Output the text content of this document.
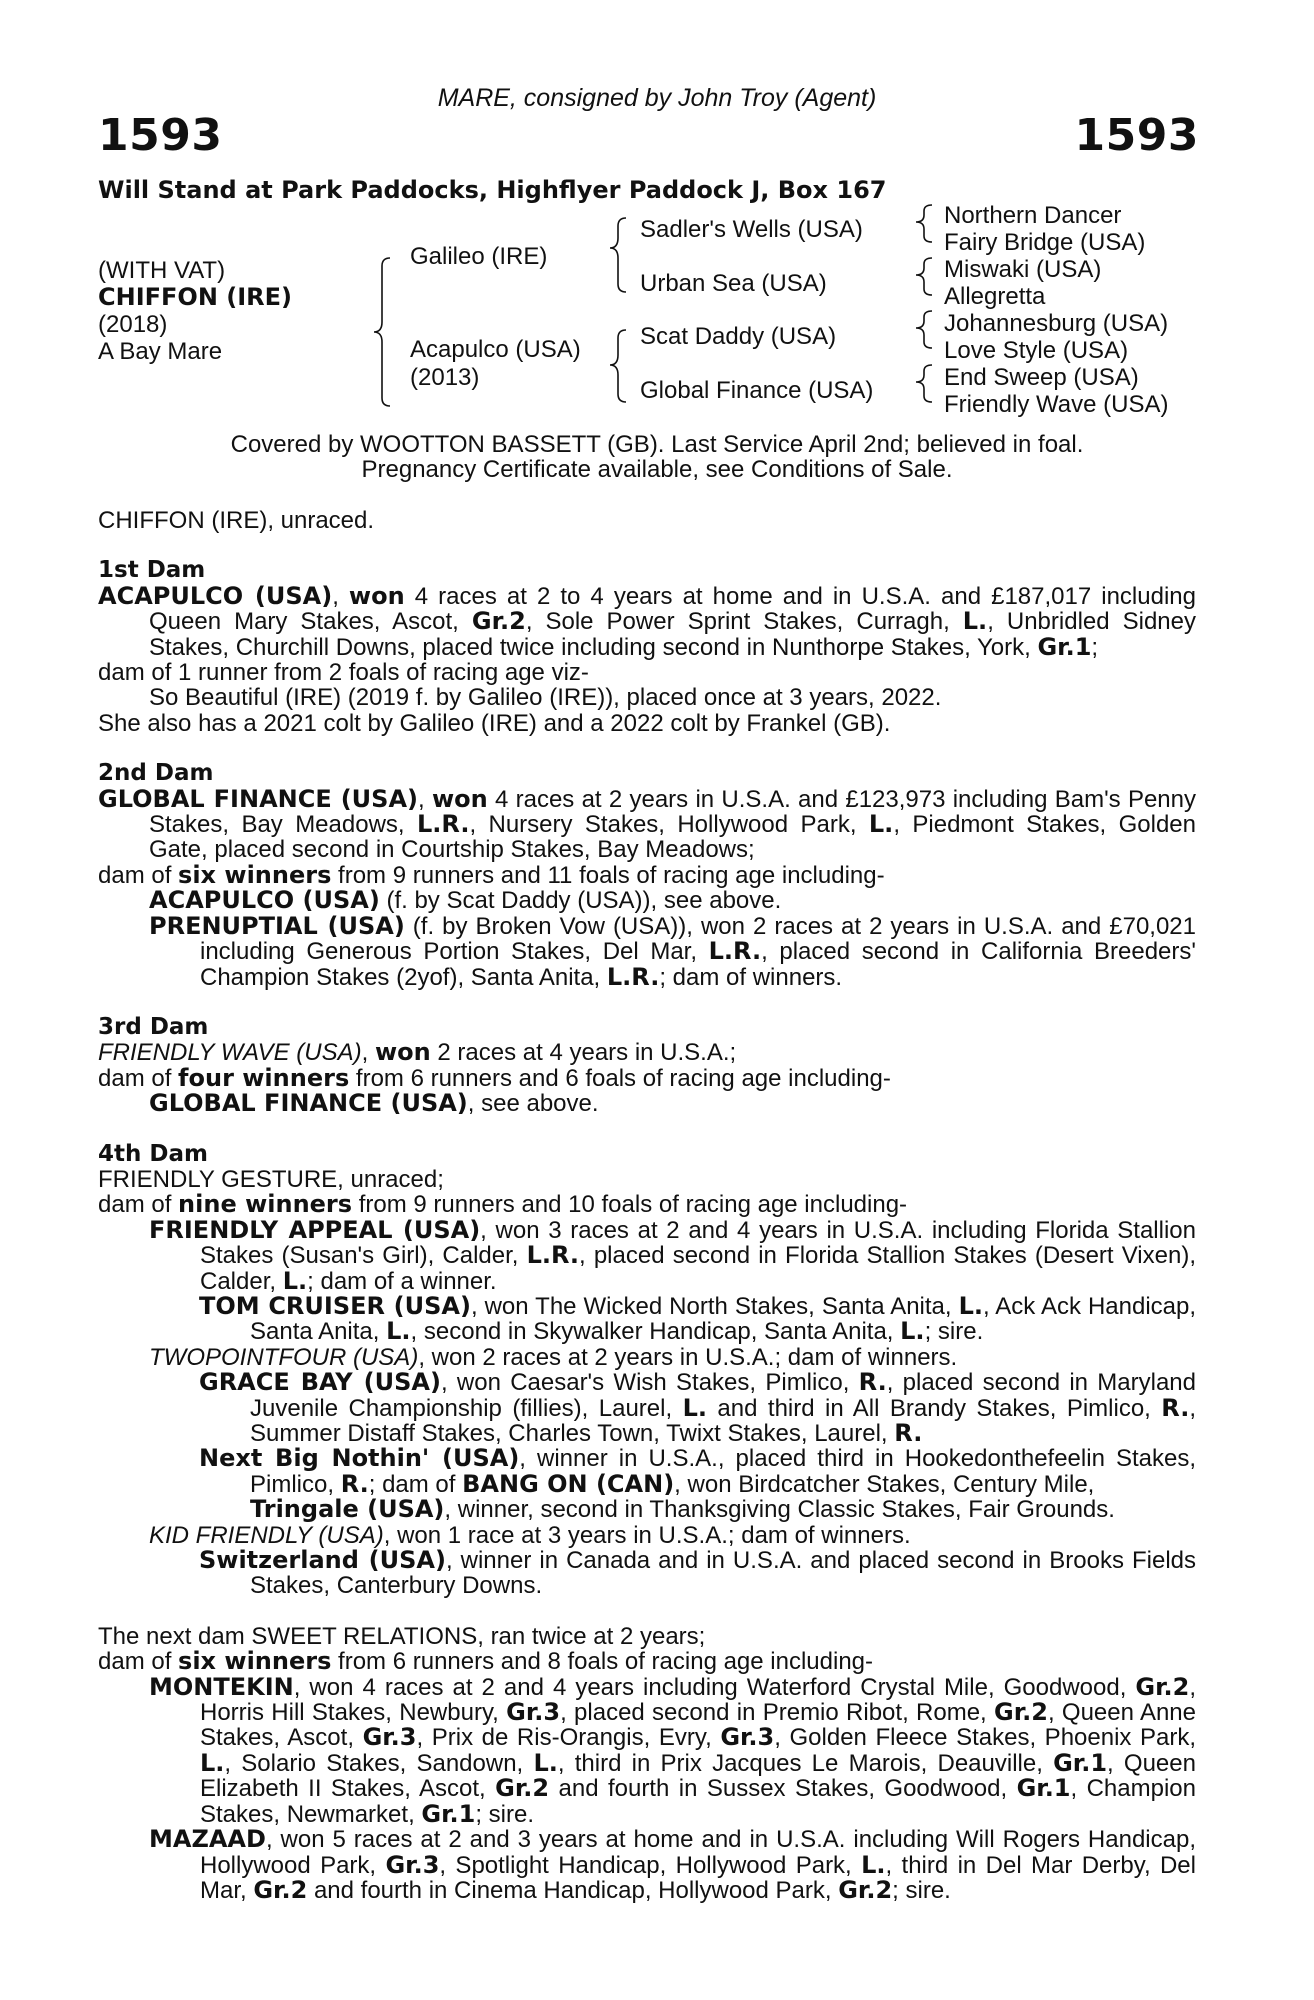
MARE, consigned by John Troy (Agent)
1593	1593
Will Stand at Park Paddocks, Highflyer Paddock J, Box 167
(WITH VAT)
CHIFFON (IRE)
(2018)
A Bay Mare
Galileo (IRE)
Acapulco (USA)
(2013)
Sadler's Wells (USA)
Urban Sea (USA)
Scat Daddy (USA)
Global Finance (USA)
Northern Dancer
Fairy Bridge (USA)
Miswaki (USA)
Allegretta
Johannesburg (USA)
Love Style (USA)
End Sweep (USA)
Friendly Wave (USA)
Covered by WOOTTON BASSETT (GB). Last Service April 2nd; believed in foal.
Pregnancy Certificate available, see Conditions of Sale.

CHIFFON (IRE), unraced.

1st Dam

ACAPULCO (USA), won 4 races at 2 to 4 years at home and in U.S.A. and £187,017 including Queen Mary Stakes, Ascot, Gr.2, Sole Power Sprint Stakes, Curragh, L., Unbridled Sidney Stakes, Churchill Downs, placed twice including second in Nunthorpe Stakes, York, Gr.1;

dam of 1 runner from 2 foals of racing age viz-

So Beautiful (IRE) (2019 f. by Galileo (IRE)), placed once at 3 years, 2022.

She also has a 2021 colt by Galileo (IRE) and a 2022 colt by Frankel (GB).

2nd Dam

GLOBAL FINANCE (USA), won 4 races at 2 years in U.S.A. and £123,973 including Bam's Penny Stakes, Bay Meadows, L.R., Nursery Stakes, Hollywood Park, L., Piedmont Stakes, Golden Gate, placed second in Courtship Stakes, Bay Meadows;

dam of six winners from 9 runners and 11 foals of racing age including-

ACAPULCO (USA) (f. by Scat Daddy (USA)), see above.

PRENUPTIAL (USA) (f. by Broken Vow (USA)), won 2 races at 2 years in U.S.A. and £70,021 including Generous Portion Stakes, Del Mar, L.R., placed second in California Breeders' Champion Stakes (2yof), Santa Anita, L.R.; dam of winners.

3rd Dam

FRIENDLY WAVE (USA), won 2 races at 4 years in U.S.A.;

dam of four winners from 6 runners and 6 foals of racing age including-

GLOBAL FINANCE (USA), see above.

4th Dam

FRIENDLY GESTURE, unraced;

dam of nine winners from 9 runners and 10 foals of racing age including-

FRIENDLY APPEAL (USA), won 3 races at 2 and 4 years in U.S.A. including Florida Stallion Stakes (Susan's Girl), Calder, L.R., placed second in Florida Stallion Stakes (Desert Vixen), Calder, L.; dam of a winner.

TOM CRUISER (USA), won The Wicked North Stakes, Santa Anita, L., Ack Ack Handicap, Santa Anita, L., second in Skywalker Handicap, Santa Anita, L.; sire.

TWOPOINTFOUR (USA), won 2 races at 2 years in U.S.A.; dam of winners.

GRACE BAY (USA), won Caesar's Wish Stakes, Pimlico, R., placed second in Maryland Juvenile Championship (fillies), Laurel, L. and third in All Brandy Stakes, Pimlico, R., Summer Distaff Stakes, Charles Town, Twixt Stakes, Laurel, R.

Next Big Nothin' (USA), winner in U.S.A., placed third in Hookedonthefeelin Stakes, Pimlico, R.; dam of BANG ON (CAN), won Birdcatcher Stakes, Century Mile,

Tringale (USA), winner, second in Thanksgiving Classic Stakes, Fair Grounds.

KID FRIENDLY (USA), won 1 race at 3 years in U.S.A.; dam of winners.

Switzerland (USA), winner in Canada and in U.S.A. and placed second in Brooks Fields Stakes, Canterbury Downs.

The next dam SWEET RELATIONS, ran twice at 2 years;

dam of six winners from 6 runners and 8 foals of racing age including-

MONTEKIN, won 4 races at 2 and 4 years including Waterford Crystal Mile, Goodwood, Gr.2, Horris Hill Stakes, Newbury, Gr.3, placed second in Premio Ribot, Rome, Gr.2, Queen Anne Stakes, Ascot, Gr.3, Prix de Ris-Orangis, Evry, Gr.3, Golden Fleece Stakes, Phoenix Park, L., Solario Stakes, Sandown, L., third in Prix Jacques Le Marois, Deauville, Gr.1, Queen Elizabeth II Stakes, Ascot, Gr.2 and fourth in Sussex Stakes, Goodwood, Gr.1, Champion Stakes, Newmarket, Gr.1; sire.

MAZAAD, won 5 races at 2 and 3 years at home and in U.S.A. including Will Rogers Handicap, Hollywood Park, Gr.3, Spotlight Handicap, Hollywood Park, L., third in Del Mar Derby, Del Mar, Gr.2 and fourth in Cinema Handicap, Hollywood Park, Gr.2; sire.
